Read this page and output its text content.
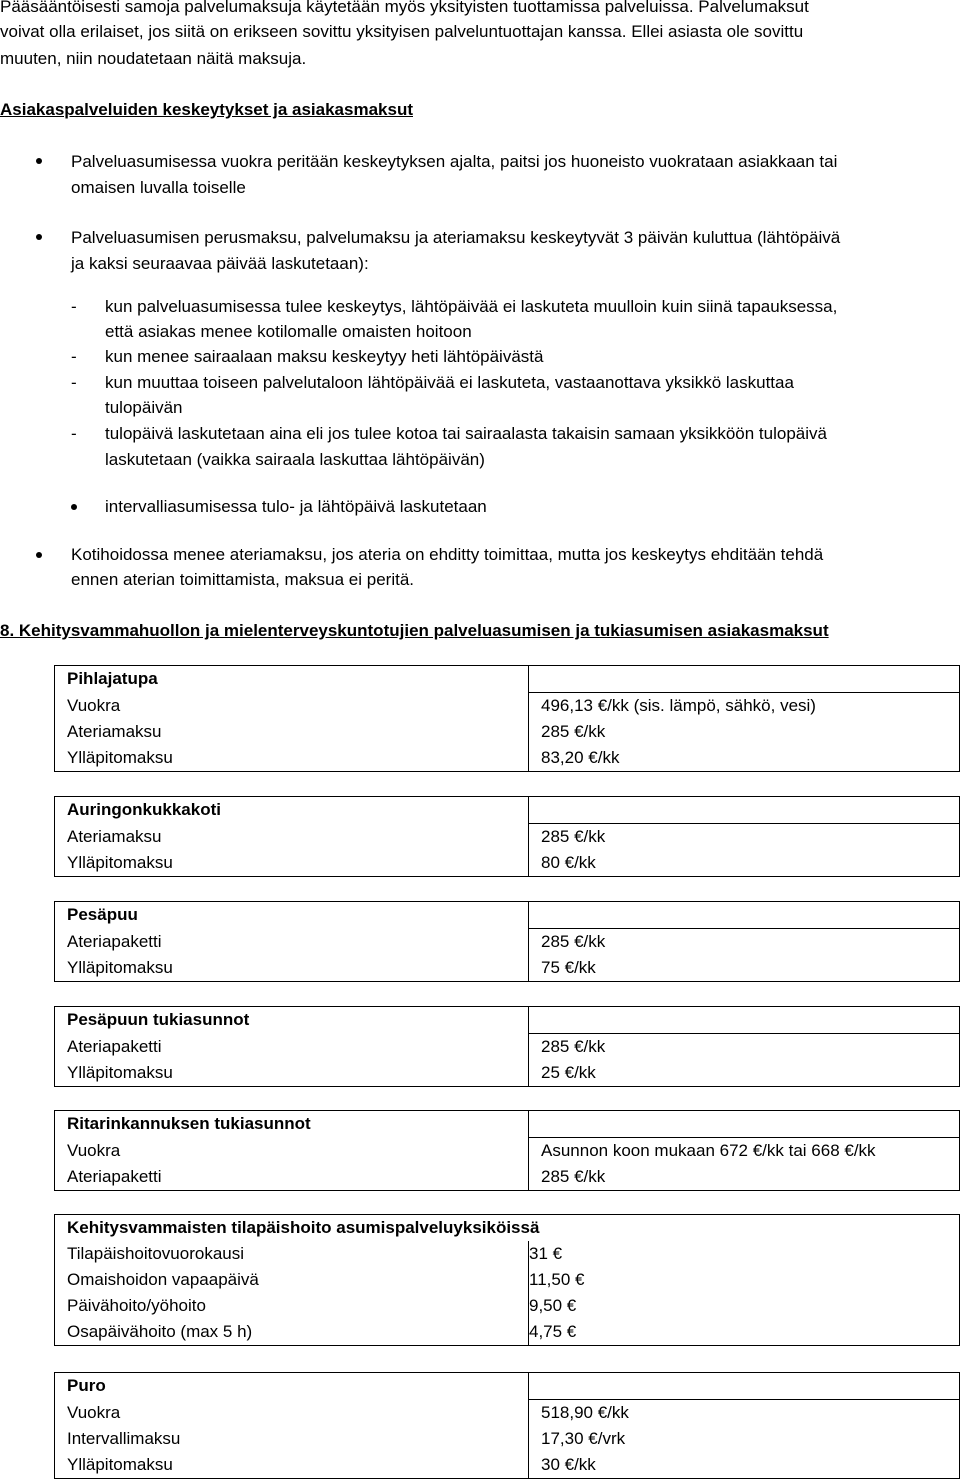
Pääsääntöisesti samoja palvelumaksuja käytetään myös yksityisten tuottamissa palveluissa. Palvelumaksut
voivat olla erilaiset, jos siitä on erikseen sovittu yksityisen palveluntuottajan kanssa. Ellei asiasta ole sovittu
muuten, niin noudatetaan näitä maksuja.
Asiakaspalveluiden keskeytykset ja asiakasmaksut
Palveluasumisessa vuokra peritään keskeytyksen ajalta, paitsi jos huoneisto vuokrataan asiakkaan tai
omaisen luvalla toiselle
Palveluasumisen perusmaksu, palvelumaksu ja ateriamaksu keskeytyvät 3 päivän kuluttua (lähtöpäivä
ja kaksi seuraavaa päivää laskutetaan):
- kun palveluasumisessa tulee keskeytys, lähtöpäivää ei laskuteta muulloin kuin siinä tapauksessa,
että asiakas menee kotilomalle omaisten hoitoon
- kun menee sairaalaan maksu keskeytyy heti lähtöpäivästä
- kun muuttaa toiseen palvelutaloon lähtöpäivää ei laskuteta, vastaanottava yksikkö laskuttaa
tulopäivän
- tulopäivä laskutetaan aina eli jos tulee kotoa tai sairaalasta takaisin samaan yksikköön tulopäivä
laskutetaan (vaikka sairaala laskuttaa lähtöpäivän)
intervalliasumisessa tulo- ja lähtöpäivä laskutetaan
Kotihoidossa menee ateriamaksu, jos ateria on ehditty toimittaa, mutta jos keskeytys ehditään tehdä
ennen aterian toimittamista, maksua ei peritä.
8. Kehitysvammahuollon ja mielenterveyskuntotujien palveluasumisen ja tukiasumisen asiakasmaksut
Pihlajatupa	
Vuokra	496,13 €/kk (sis. lämpö, sähkö, vesi)
Ateriamaksu	285 €/kk
Ylläpitomaksu	83,20 €/kk
Auringonkukkakoti	
Ateriamaksu	285 €/kk
Ylläpitomaksu	80 €/kk
Pesäpuu	
Ateriapaketti	285 €/kk
Ylläpitomaksu	75 €/kk
Pesäpuun tukiasunnot	
Ateriapaketti	285 €/kk
Ylläpitomaksu	25 €/kk
Ritarinkannuksen tukiasunnot	
Vuokra	Asunnon koon mukaan 672 €/kk tai 668 €/kk
Ateriapaketti	285 €/kk
Kehitysvammaisten tilapäishoito asumispalveluyksiköissä	
Tilapäishoitovuorokausi	31 €
Omaishoidon vapaapäivä	11,50 €
Päivähoito/yöhoito	9,50 €
Osapäivähoito (max 5 h)	4,75 €
Puro	
Vuokra	518,90 €/kk
Intervallimaksu	17,30 €/vrk
Ylläpitomaksu	30 €/kk
